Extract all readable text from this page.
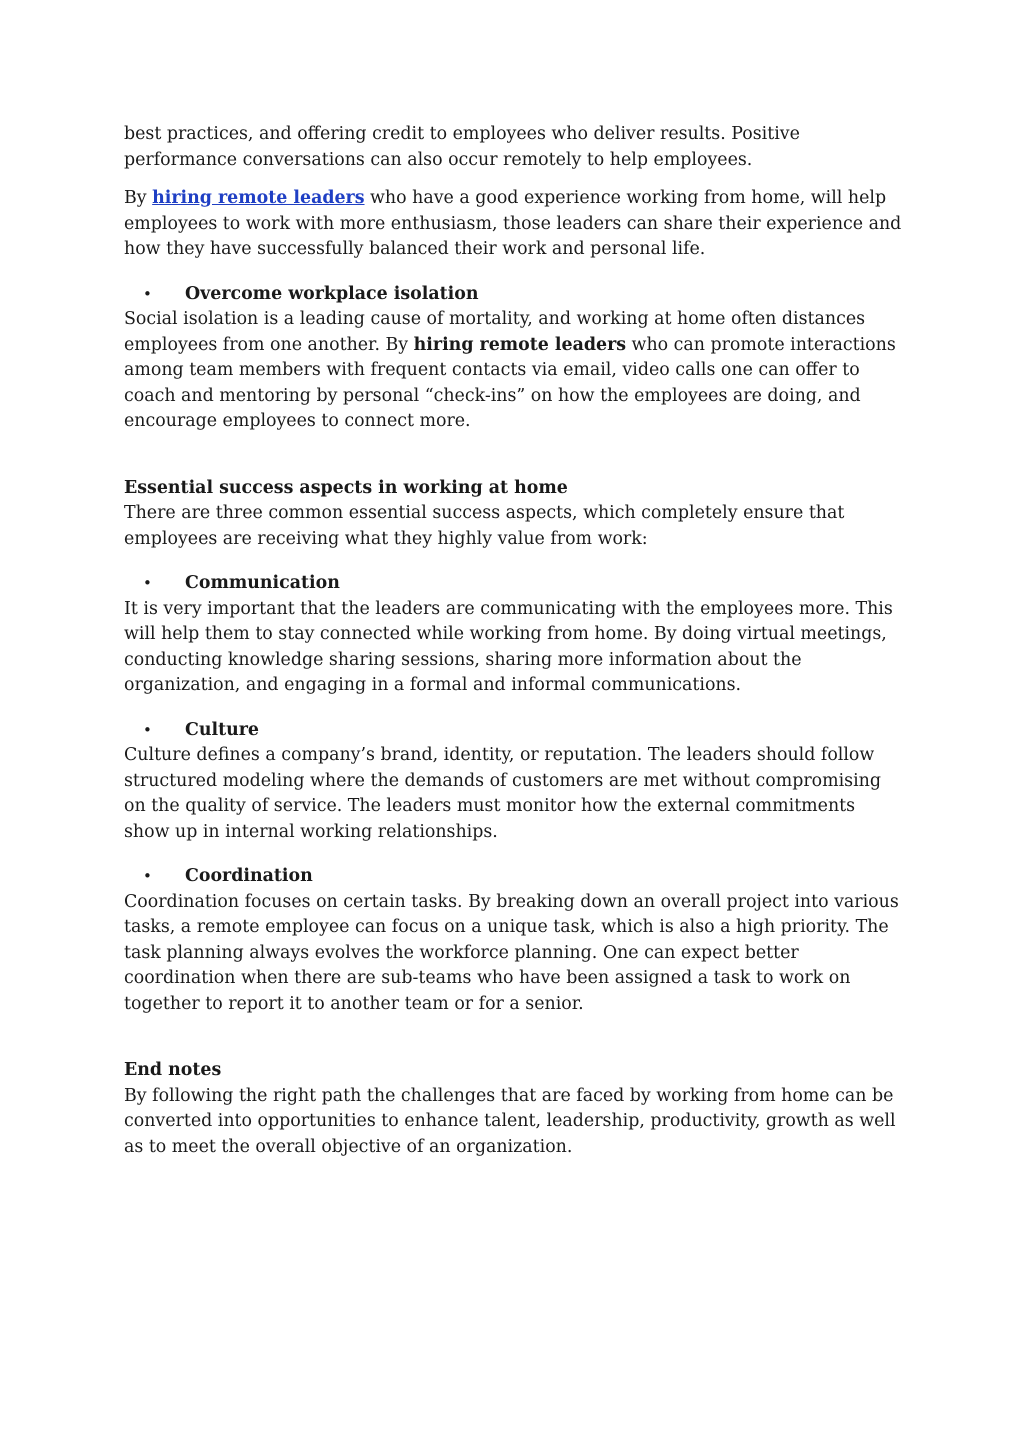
best practices, and offering credit to employees who deliver results. Positive performance conversations can also occur remotely to help employees.

By hiring remote leaders who have a good experience working from home, will help employees to work with more enthusiasm, those leaders can share their experience and how they have successfully balanced their work and personal life.

• Overcome workplace isolation

Social isolation is a leading cause of mortality, and working at home often distances employees from one another. By hiring remote leaders who can promote interactions among team members with frequent contacts via email, video calls one can offer to coach and mentoring by personal “check-ins” on how the employees are doing, and encourage employees to connect more.

Essential success aspects in working at home

There are three common essential success aspects, which completely ensure that employees are receiving what they highly value from work:

• Communication

It is very important that the leaders are communicating with the employees more. This will help them to stay connected while working from home. By doing virtual meetings, conducting knowledge sharing sessions, sharing more information about the organization, and engaging in a formal and informal communications.

• Culture

Culture defines a company’s brand, identity, or reputation. The leaders should follow structured modeling where the demands of customers are met without compromising on the quality of service. The leaders must monitor how the external commitments show up in internal working relationships.

• Coordination

Coordination focuses on certain tasks. By breaking down an overall project into various tasks, a remote employee can focus on a unique task, which is also a high priority. The task planning always evolves the workforce planning. One can expect better coordination when there are sub-teams who have been assigned a task to work on together to report it to another team or for a senior.

End notes

By following the right path the challenges that are faced by working from home can be converted into opportunities to enhance talent, leadership, productivity, growth as well as to meet the overall objective of an organization.
